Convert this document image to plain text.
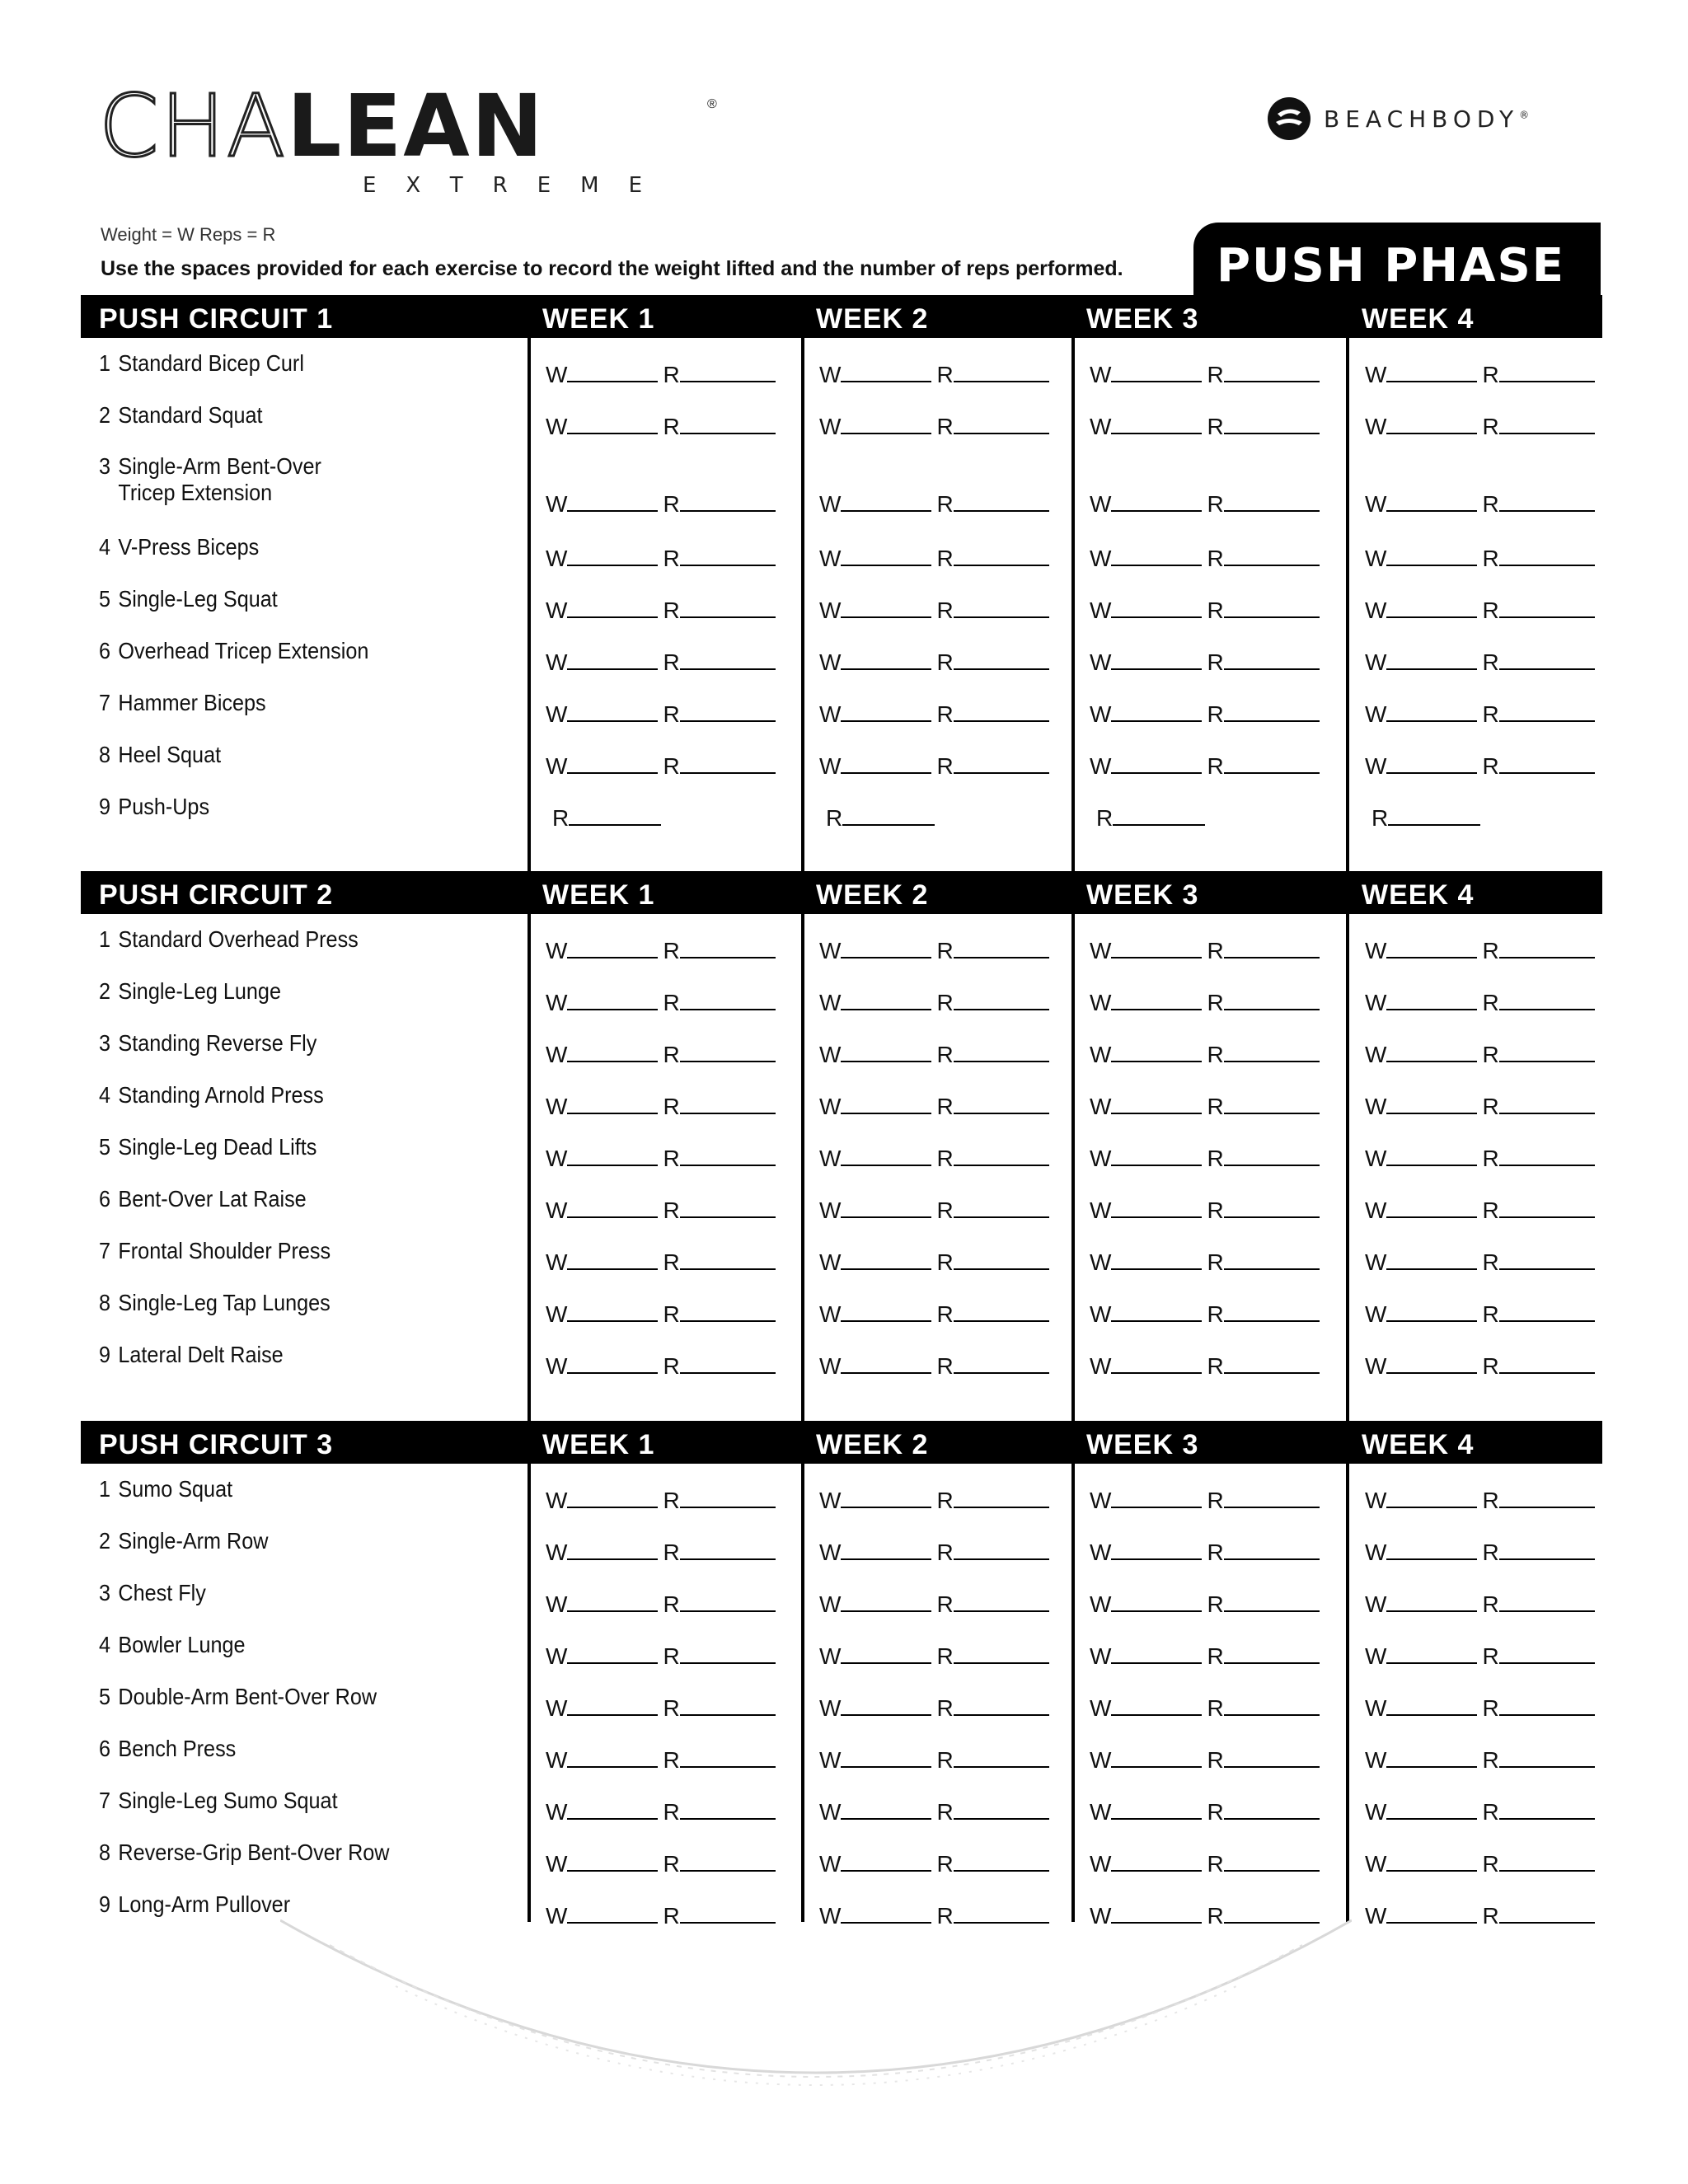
CHALEAN	®
EXTREME
BEACHBODY®
Weight = W Reps = R
Use the spaces provided for each exercise to record the weight lifted and the number of reps performed. PUSH PHASE
PUSH CIRCUIT 1	WEEK 1	WEEK 2	WEEK 3	WEEK 4
1 Standard Bicep Curl	W	R	W	R	W	R	W	R
2 Standard Squat	W	R	W	R	W	R	W	R
3 Single-Arm Bent-Over
Tricep Extension	W	R	W	R	W	R	W	R
4 V-Press Biceps	W	R	W	R	W	R	W	R
5 Single-Leg Squat	W	R	W	R	W	R	W	R
6 Overhead Tricep Extension	W	R	W	R	W	R	W	R
7 Hammer Biceps	W	R	W	R	W	R	W	R
8 Heel Squat	W	R	W	R	W	R	W	R
9 Push-Ups	R	R	R	R
PUSH CIRCUIT 2	WEEK 1	WEEK 2	WEEK 3	WEEK 4
1 Standard Overhead Press	W	R	W	R	W	R	W	R
2 Single-Leg Lunge	W	R	W	R	W	R	W	R
3 Standing Reverse Fly	W	R	W	R	W	R	W	R
4 Standing Arnold Press	W	R	W	R	W	R	W	R
5 Single-Leg Dead Lifts	W	R	W	R	W	R	W	R
6 Bent-Over Lat Raise	W	R	W	R	W	R	W	R
7 Frontal Shoulder Press	W	R	W	R	W	R	W	R
8 Single-Leg Tap Lunges	W	R	W	R	W	R	W	R
9 Lateral Delt Raise	W	R	W	R	W	R	W	R
PUSH CIRCUIT 3	WEEK 1	WEEK 2	WEEK 3	WEEK 4
1 Sumo Squat	W	R	W	R	W	R	W	R
2 Single-Arm Row	W	R	W	R	W	R	W	R
3 Chest Fly	W	R	W	R	W	R	W	R
4 Bowler Lunge	W	R	W	R	W	R	W	R
5 Double-Arm Bent-Over Row	W	R	W	R	W	R	W	R
6 Bench Press	W	R	W	R	W	R	W	R
7 Single-Leg Sumo Squat	W	R	W	R	W	R	W	R
8 Reverse-Grip Bent-Over Row	W	R	W	R	W	R	W	R
9 Long-Arm Pullover	W	R	W	R	W	R	W	R
